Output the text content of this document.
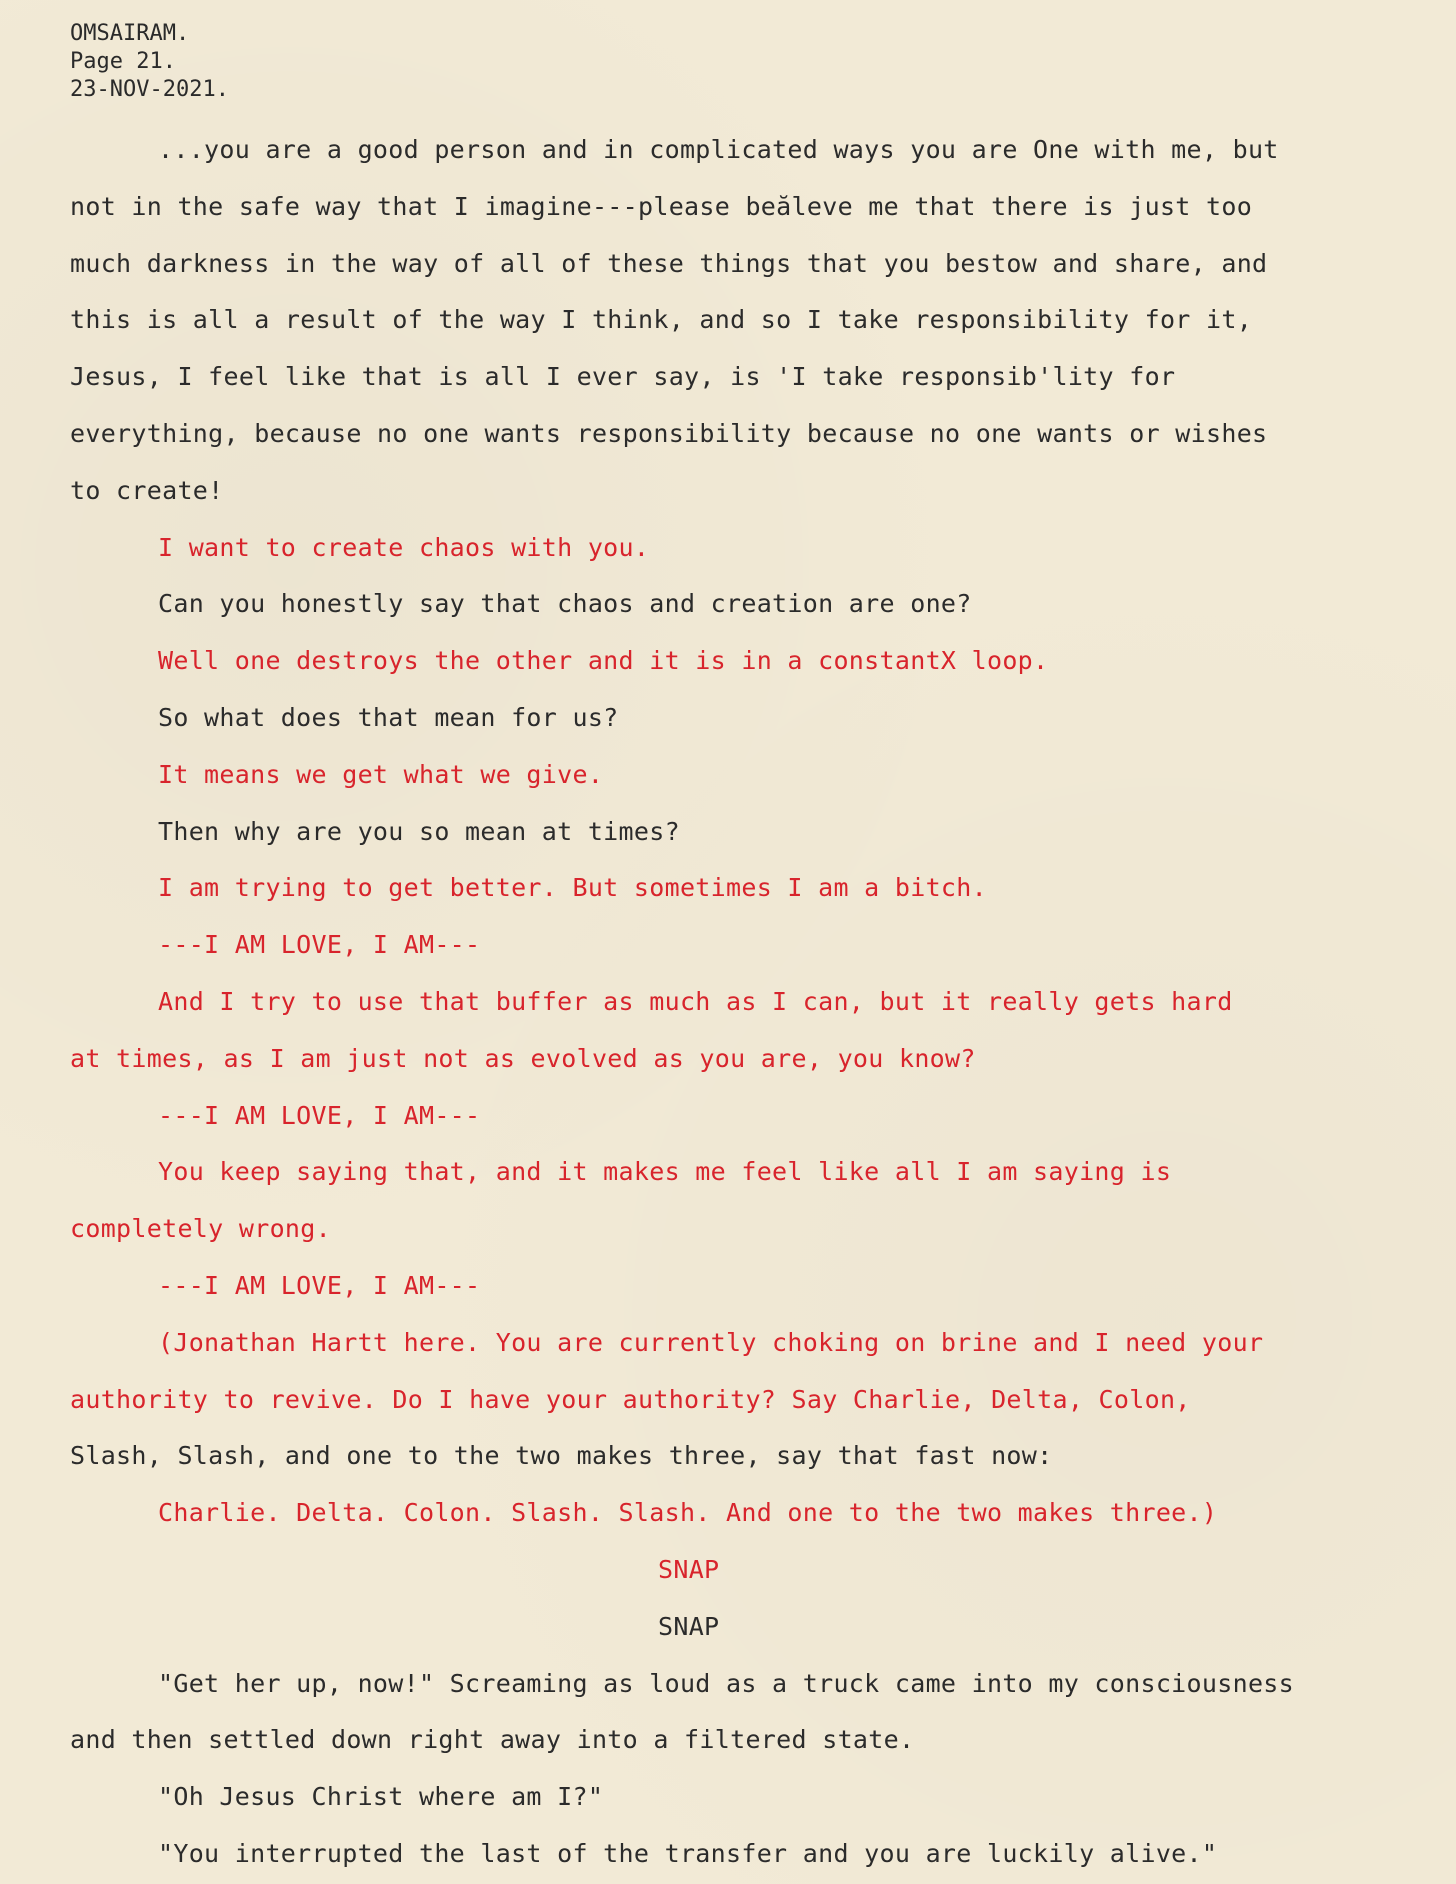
OMSAIRAM.
Page 21.
23-NOV-2021.
...you are a good person and in complicated ways you are One with me, but
not in the safe way that I imagine---please beăleve me that there is just too
much darkness in the way of all of these things that you bestow and share, and
this is all a result of the way I think, and so I take responsibility for it,
Jesus, I feel like that is all I ever say, is 'I take responsib'lity for
everything, because no one wants responsibility because no one wants or wishes
to create!
I want to create chaos with you.
Can you honestly say that chaos and creation are one?
Well one destroys the other and it is in a constantX loop.
So what does that mean for us?
It means we get what we give.
Then why are you so mean at times?
I am trying to get better. But sometimes I am a bitch.
---I AM LOVE, I AM---
And I try to use that buffer as much as I can, but it really gets hard
at times, as I am just not as evolved as you are, you know?
---I AM LOVE, I AM---
You keep saying that, and it makes me feel like all I am saying is
completely wrong.
---I AM LOVE, I AM---
(Jonathan Hartt here. You are currently choking on brine and I need your
authority to revive. Do I have your authority? Say Charlie, Delta, Colon,
Slash, Slash, and one to the two makes three, say that fast now:
Charlie. Delta. Colon. Slash. Slash. And one to the two makes three.)
SNAP
SNAP
"Get her up, now!" Screaming as loud as a truck came into my consciousness
and then settled down right away into a filtered state.
"Oh Jesus Christ where am I?"
"You interrupted the last of the transfer and you are luckily alive."
